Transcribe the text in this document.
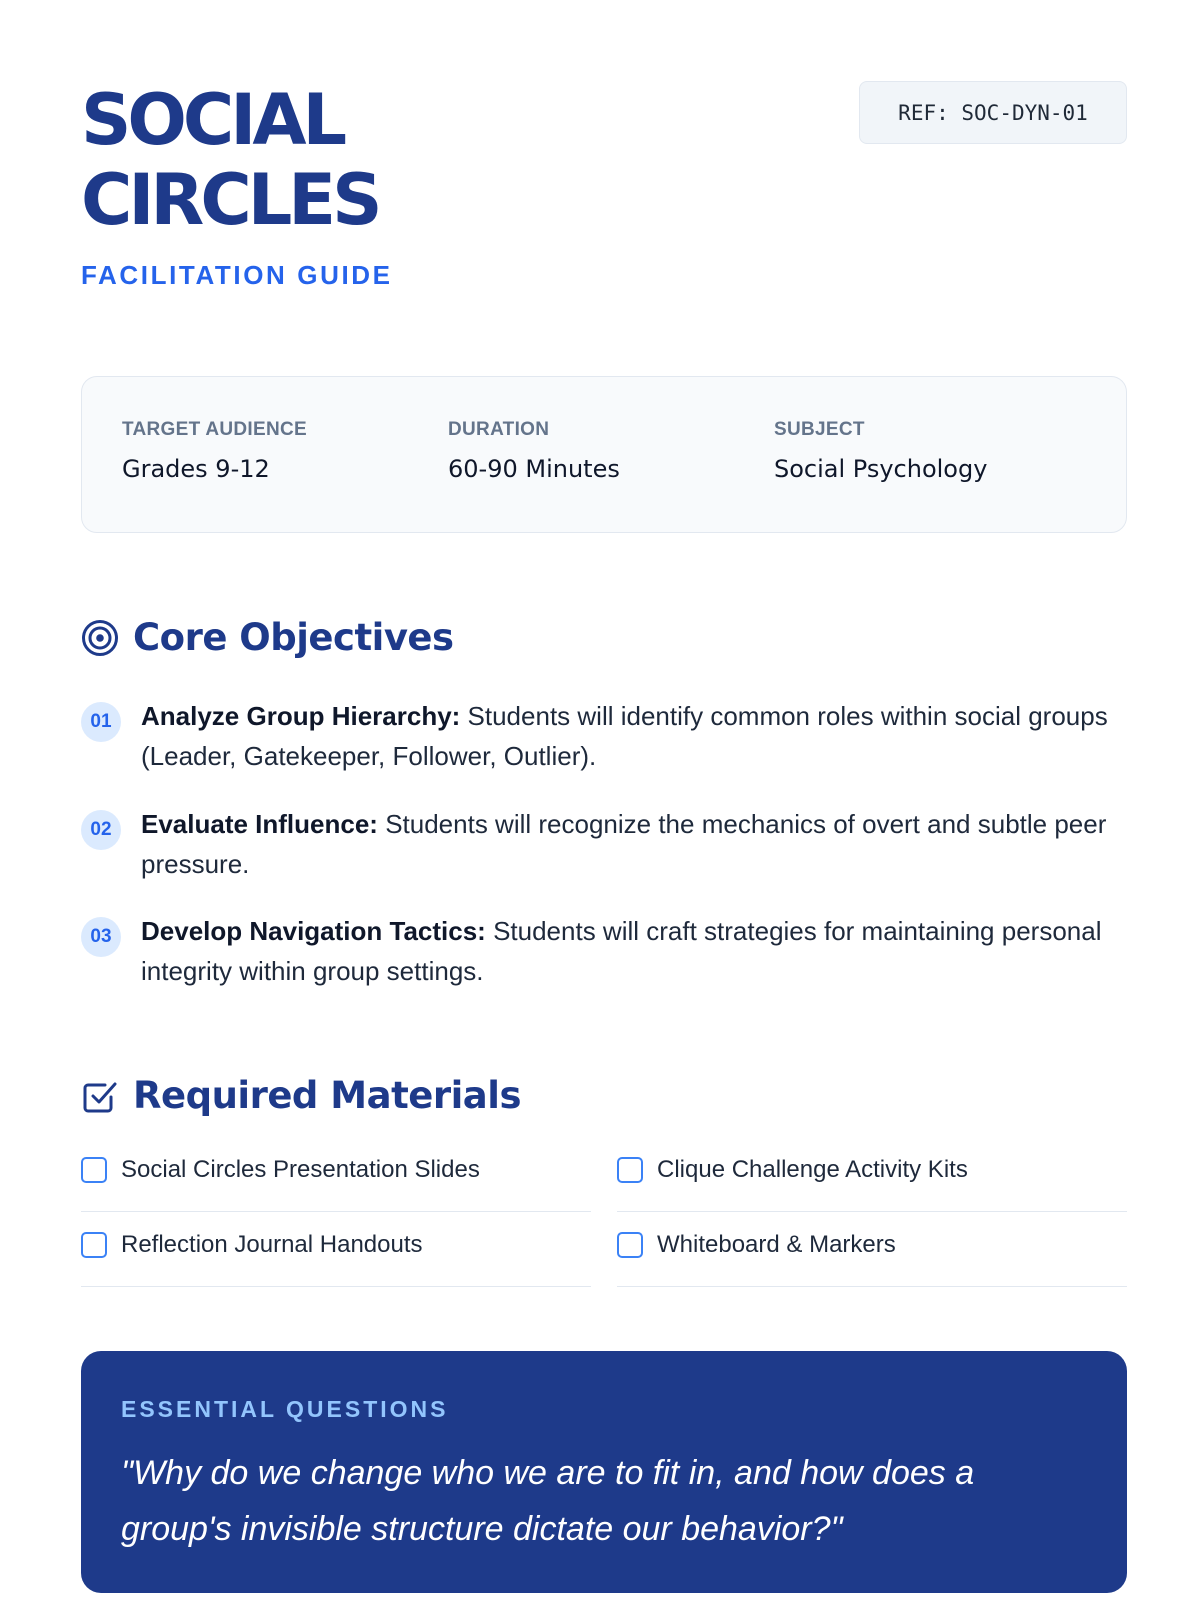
SOCIAL
CIRCLES
FACILITATION GUIDE
REF: SOC-DYN-01
TARGET AUDIENCE
Grades 9-12
DURATION
60-90 Minutes
SUBJECT
Social Psychology
Core Objectives
01	Analyze Group Hierarchy: Students will identify common roles within social groups (Leader, Gatekeeper, Follower, Outlier).
02	Evaluate Influence: Students will recognize the mechanics of overt and subtle peer pressure.
03	Develop Navigation Tactics: Students will craft strategies for maintaining personal integrity within group settings.
Required Materials
Social Circles Presentation Slides	Clique Challenge Activity Kits
Reflection Journal Handouts	Whiteboard & Markers
ESSENTIAL QUESTIONS
"Why do we change who we are to fit in, and how does a group's invisible structure dictate our behavior?"
